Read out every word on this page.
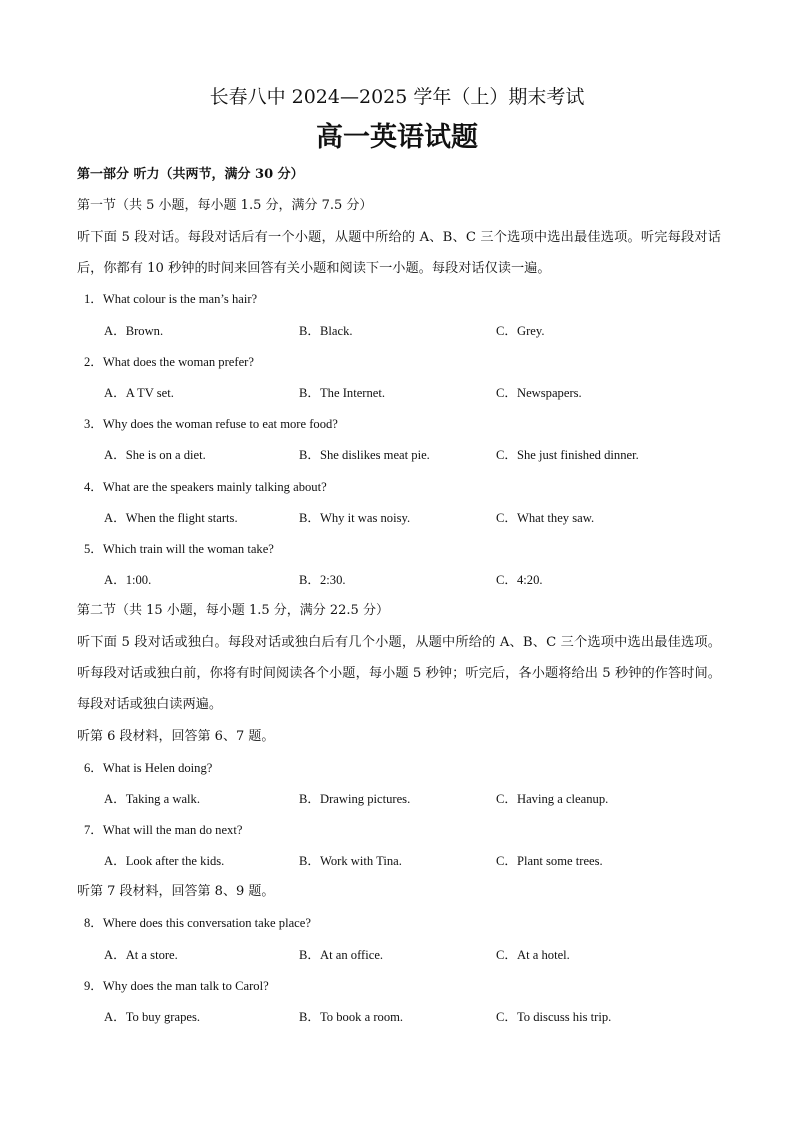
长春八中 2024—2025 学年（上）期末考试
高一英语试题
第一部分 听力（共两节，满分 30 分）
第一节（共 5 小题，每小题 1.5 分，满分 7.5 分）
听下面 5 段对话。每段对话后有一个小题，从题中所给的 A、B、C 三个选项中选出最佳选项。听完每段对话后，你都有 10 秒钟的时间来回答有关小题和阅读下一小题。每段对话仅读一遍。
1．What colour is the man’s hair?
A．Brown.	B．Black.	C．Grey.
2．What does the woman prefer?
A．A TV set.	B．The Internet.	C．Newspapers.
3．Why does the woman refuse to eat more food?
A．She is on a diet.	B．She dislikes meat pie.	C．She just finished dinner.
4．What are the speakers mainly talking about?
A．When the flight starts.	B．Why it was noisy.	C．What they saw.
5．Which train will the woman take?
A．1:00.	B．2:30.	C．4:20.
第二节（共 15 小题，每小题 1.5 分，满分 22.5 分）
听下面 5 段对话或独白。每段对话或独白后有几个小题，从题中所给的 A、B、C 三个选项中选出最佳选项。听每段对话或独白前，你将有时间阅读各个小题，每小题 5 秒钟；听完后，各小题将给出 5 秒钟的作答时间。每段对话或独白读两遍。
听第 6 段材料，回答第 6、7 题。
6．What is Helen doing?
A．Taking a walk.	B．Drawing pictures.	C．Having a cleanup.
7．What will the man do next?
A．Look after the kids.	B．Work with Tina.	C．Plant some trees.
听第 7 段材料，回答第 8、9 题。
8．Where does this conversation take place?
A．At a store.	B．At an office.	C．At a hotel.
9．Why does the man talk to Carol?
A．To buy grapes.	B．To book a room.	C．To discuss his trip.
